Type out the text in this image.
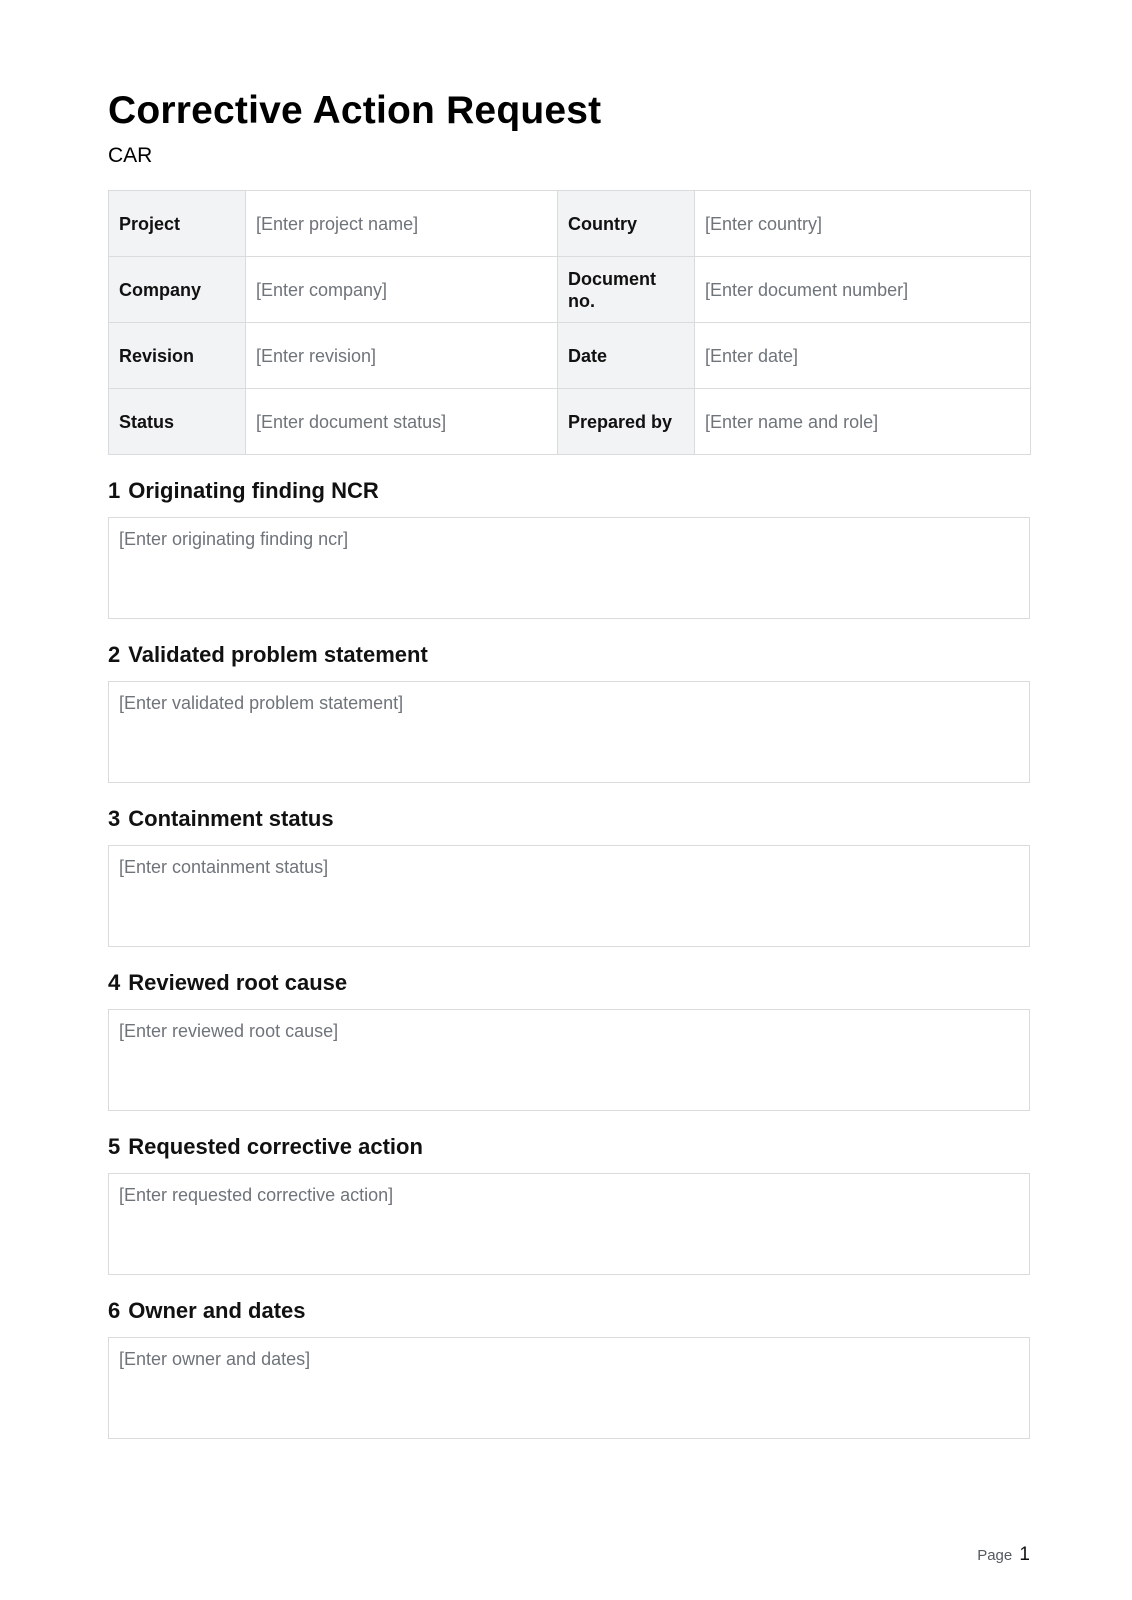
Corrective Action Request
CAR
Project	[Enter project name]	Country	[Enter country]
Company	[Enter company]	Document no.	[Enter document number]
Revision	[Enter revision]	Date	[Enter date]
Status	[Enter document status]	Prepared by	[Enter name and role]
1 Originating finding NCR
[Enter originating finding ncr]
2 Validated problem statement
[Enter validated problem statement]
3 Containment status
[Enter containment status]
4 Reviewed root cause
[Enter reviewed root cause]
5 Requested corrective action
[Enter requested corrective action]
6 Owner and dates
[Enter owner and dates]
Page 1
